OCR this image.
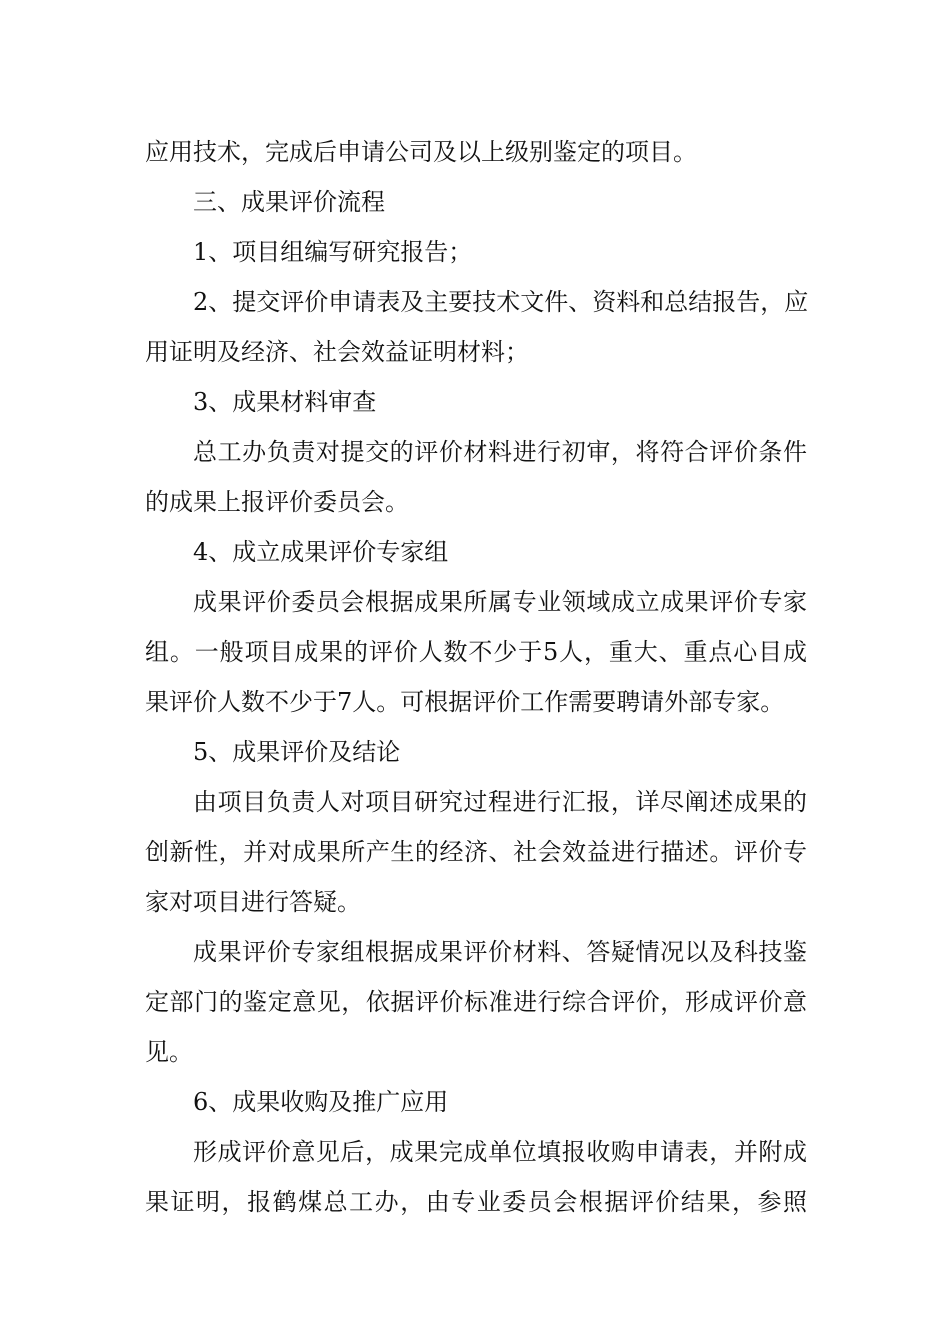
应用技术，完成后申请公司及以上级别鉴定的项目。
三、成果评价流程
1、项目组编写研究报告；
2、提交评价申请表及主要技术文件、资料和总结报告，应
用证明及经济、社会效益证明材料；
3、成果材料审查
总工办负责对提交的评价材料进行初审，将符合评价条件
的成果上报评价委员会。
4、成立成果评价专家组
成果评价委员会根据成果所属专业领域成立成果评价专家
组。一般项目成果的评价人数不少于5人，重大、重点心目成
果评价人数不少于7人。可根据评价工作需要聘请外部专家。
5、成果评价及结论
由项目负责人对项目研究过程进行汇报，详尽阐述成果的
创新性，并对成果所产生的经济、社会效益进行描述。评价专
家对项目进行答疑。
成果评价专家组根据成果评价材料、答疑情况以及科技鉴
定部门的鉴定意见，依据评价标准进行综合评价，形成评价意
见。
6、成果收购及推广应用
形成评价意见后，成果完成单位填报收购申请表，并附成
果证明，报鹤煤总工办，由专业委员会根据评价结果，参照
